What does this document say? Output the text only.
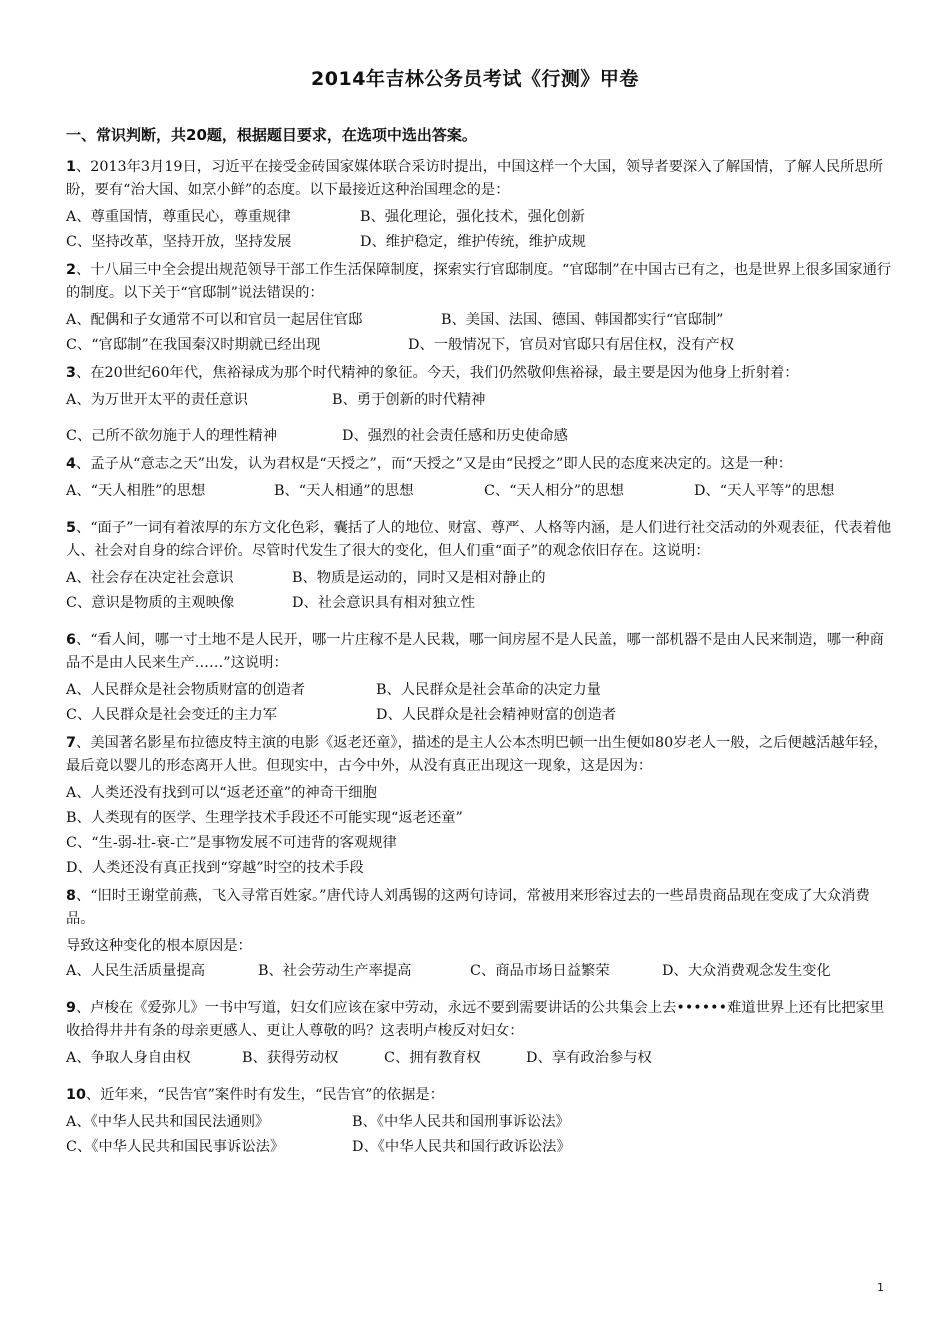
2014年吉林公务员考试《行测》甲卷
一、常识判断，共20题，根据题目要求，在选项中选出答案。

1、2013年3月19日，习近平在接受金砖国家媒体联合采访时提出，中国这样一个大国，领导者要深入了解国情，了解人民所思所盼，要有“治大国、如烹小鲜”的态度。以下最接近这种治国理念的是：

A、尊重国情，尊重民心，尊重规律	B、强化理论，强化技术，强化创新
C、坚持改革，坚持开放，坚持发展	D、维护稳定，维护传统，维护成规

2、十八届三中全会提出规范领导干部工作生活保障制度，探索实行官邸制度。“官邸制”在中国古已有之，也是世界上很多国家通行的制度。以下关于“官邸制”说法错误的：

A、配偶和子女通常不可以和官员一起居住官邸	B、美国、法国、德国、韩国都实行“官邸制”
C、“官邸制”在我国秦汉时期就已经出现	D、一般情况下，官员对官邸只有居住权，没有产权

3、在20世纪60年代，焦裕禄成为那个时代精神的象征。今天，我们仍然敬仰焦裕禄，最主要是因为他身上折射着：

A、为万世开太平的责任意识	B、勇于创新的时代精神
C、己所不欲勿施于人的理性精神	D、强烈的社会责任感和历史使命感

4、孟子从“意志之天”出发，认为君权是“天授之”，而“天授之”又是由“民授之”即人民的态度来决定的。这是一种：

A、“天人相胜”的思想	B、“天人相通”的思想	C、“天人相分”的思想	D、“天人平等”的思想

5、“面子”一词有着浓厚的东方文化色彩，囊括了人的地位、财富、尊严、人格等内涵，是人们进行社交活动的外观表征，代表着他人、社会对自身的综合评价。尽管时代发生了很大的变化，但人们重“面子”的观念依旧存在。这说明：

A、社会存在决定社会意识	B、物质是运动的，同时又是相对静止的
C、意识是物质的主观映像	D、社会意识具有相对独立性

6、“看人间，哪一寸土地不是人民开，哪一片庄稼不是人民栽，哪一间房屋不是人民盖，哪一部机器不是由人民来制造，哪一种商品不是由人民来生产……”这说明：

A、人民群众是社会物质财富的创造者	B、人民群众是社会革命的决定力量
C、人民群众是社会变迁的主力军	D、人民群众是社会精神财富的创造者

7、美国著名影星布拉德皮特主演的电影《返老还童》，描述的是主人公本杰明巴顿一出生便如80岁老人一般，之后便越活越年轻，最后竟以婴儿的形态离开人世。但现实中，古今中外，从没有真正出现这一现象，这是因为：

A、人类还没有找到可以“返老还童”的神奇干细胞
B、人类现有的医学、生理学技术手段还不可能实现“返老还童”
C、“生-弱-壮-衰-亡”是事物发展不可违背的客观规律
D、人类还没有真正找到“穿越”时空的技术手段

8、“旧时王谢堂前燕，飞入寻常百姓家。”唐代诗人刘禹锡的这两句诗词，常被用来形容过去的一些昂贵商品现在变成了大众消费品。

导致这种变化的根本原因是：
A、人民生活质量提高	B、社会劳动生产率提高	C、商品市场日益繁荣	D、大众消费观念发生变化

9、卢梭在《爱弥儿》一书中写道，妇女们应该在家中劳动，永远不要到需要讲话的公共集会上去••••••难道世界上还有比把家里收拾得井井有条的母亲更感人、更让人尊敬的吗？这表明卢梭反对妇女：

A、争取人身自由权	B、获得劳动权	C、拥有教育权	D、享有政治参与权

10、近年来，“民告官”案件时有发生，“民告官”的依据是：

A、《中华人民共和国民法通则》	B、《中华人民共和国刑事诉讼法》
C、《中华人民共和国民事诉讼法》	D、《中华人民共和国行政诉讼法》
1
